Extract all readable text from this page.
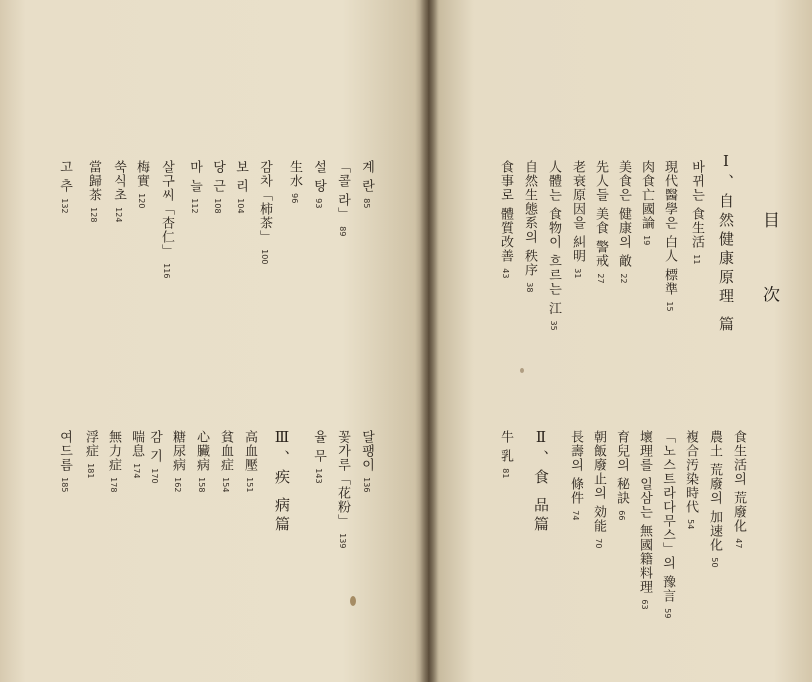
目 次
Ⅰ、自然健康原理 篇
Ⅱ、食 品篇
Ⅲ、疾 病篇
바뀌는 食生活 11
現代醫學은 白人 標準 15
肉食亡國論 19
美食은 健康의 敵 22
先人들 美食 警戒 27
老衰原因을 糾明 31
人體는 食物이 흐르는 江 35
自然生態系의 秩序 38
食事로 體質改善 43
食生活의 荒廢化 47
農土 荒廢의 加速化 50
複合汚染時代 54
「노스트라다무스」의 豫言 59
壞理를 일삼는 無國籍料理 63
育兒의 秘訣 66
朝飯廢止의 効能 70
長壽의 條件 74
牛 乳 81
계 란 85
「콜 라」 89
설 탕 93
生水 96
감차「柿茶」 100
보 리 104
당 근 108
마 늘 112
살구씨「杏仁」 116
梅實 120
쑥식초 124
當歸茶 128
고 추 132
달팽이 136
꽃가루「花粉」 139
율 무 143
高血壓 151
貧血症 154
心臟病 158
糖尿病 162
감 기 170
喘息 174
無力症 178
浮症 181
여드름 185
